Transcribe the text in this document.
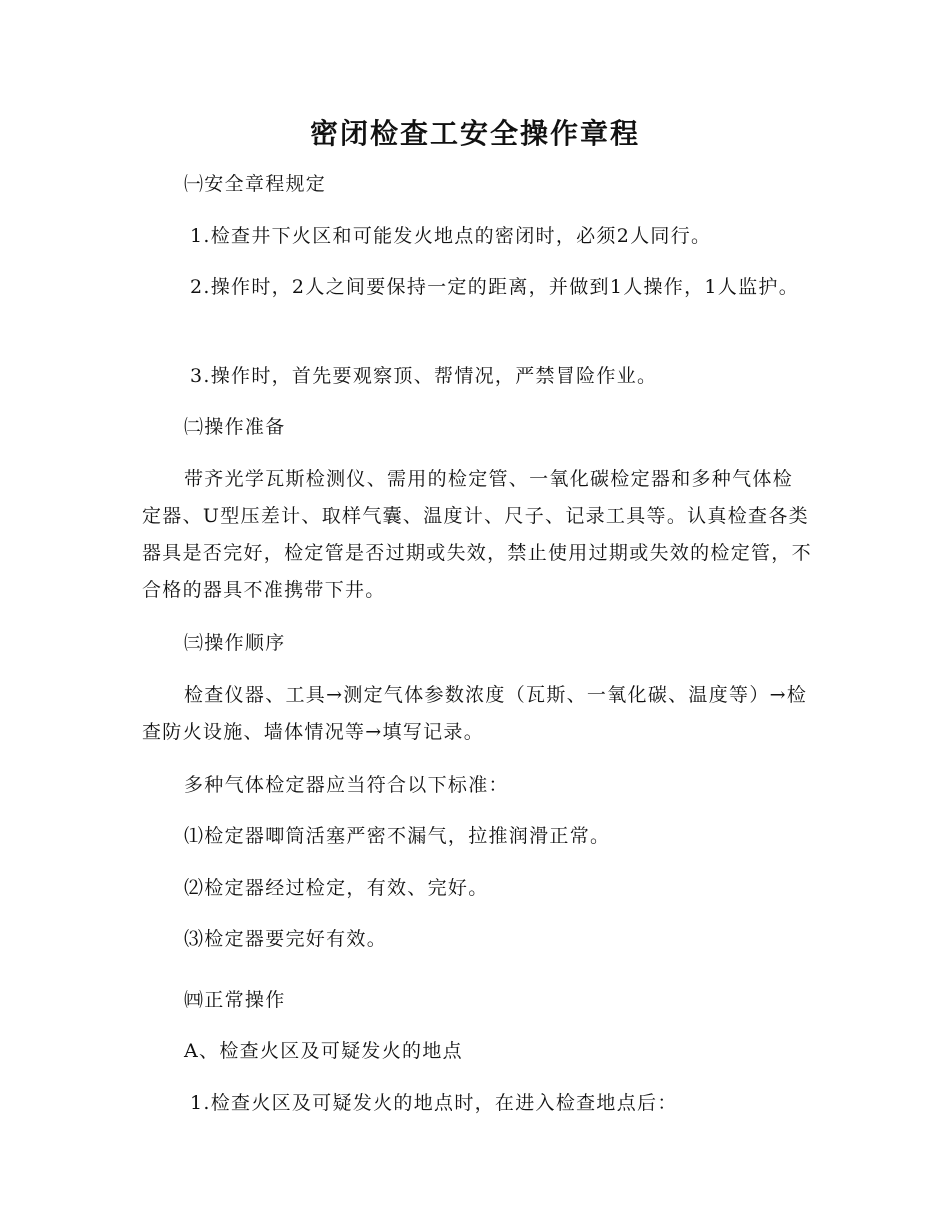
密闭检查工安全操作章程

㈠安全章程规定

1.检查井下火区和可能发火地点的密闭时，必须2人同行。

2.操作时，2人之间要保持一定的距离，并做到1人操作，1人监护。

3.操作时，首先要观察顶、帮情况，严禁冒险作业。

㈡操作准备

带齐光学瓦斯检测仪、需用的检定管、一氧化碳检定器和多种气体检定器、U型压差计、取样气囊、温度计、尺子、记录工具等。认真检查各类器具是否完好，检定管是否过期或失效，禁止使用过期或失效的检定管，不合格的器具不准携带下井。

㈢操作顺序

检查仪器、工具→测定气体参数浓度（瓦斯、一氧化碳、温度等）→检查防火设施、墙体情况等→填写记录。

多种气体检定器应当符合以下标准：

⑴检定器唧筒活塞严密不漏气，拉推润滑正常。

⑵检定器经过检定，有效、完好。

⑶检定器要完好有效。

㈣正常操作

A、检查火区及可疑发火的地点

1.检查火区及可疑发火的地点时，在进入检查地点后：
